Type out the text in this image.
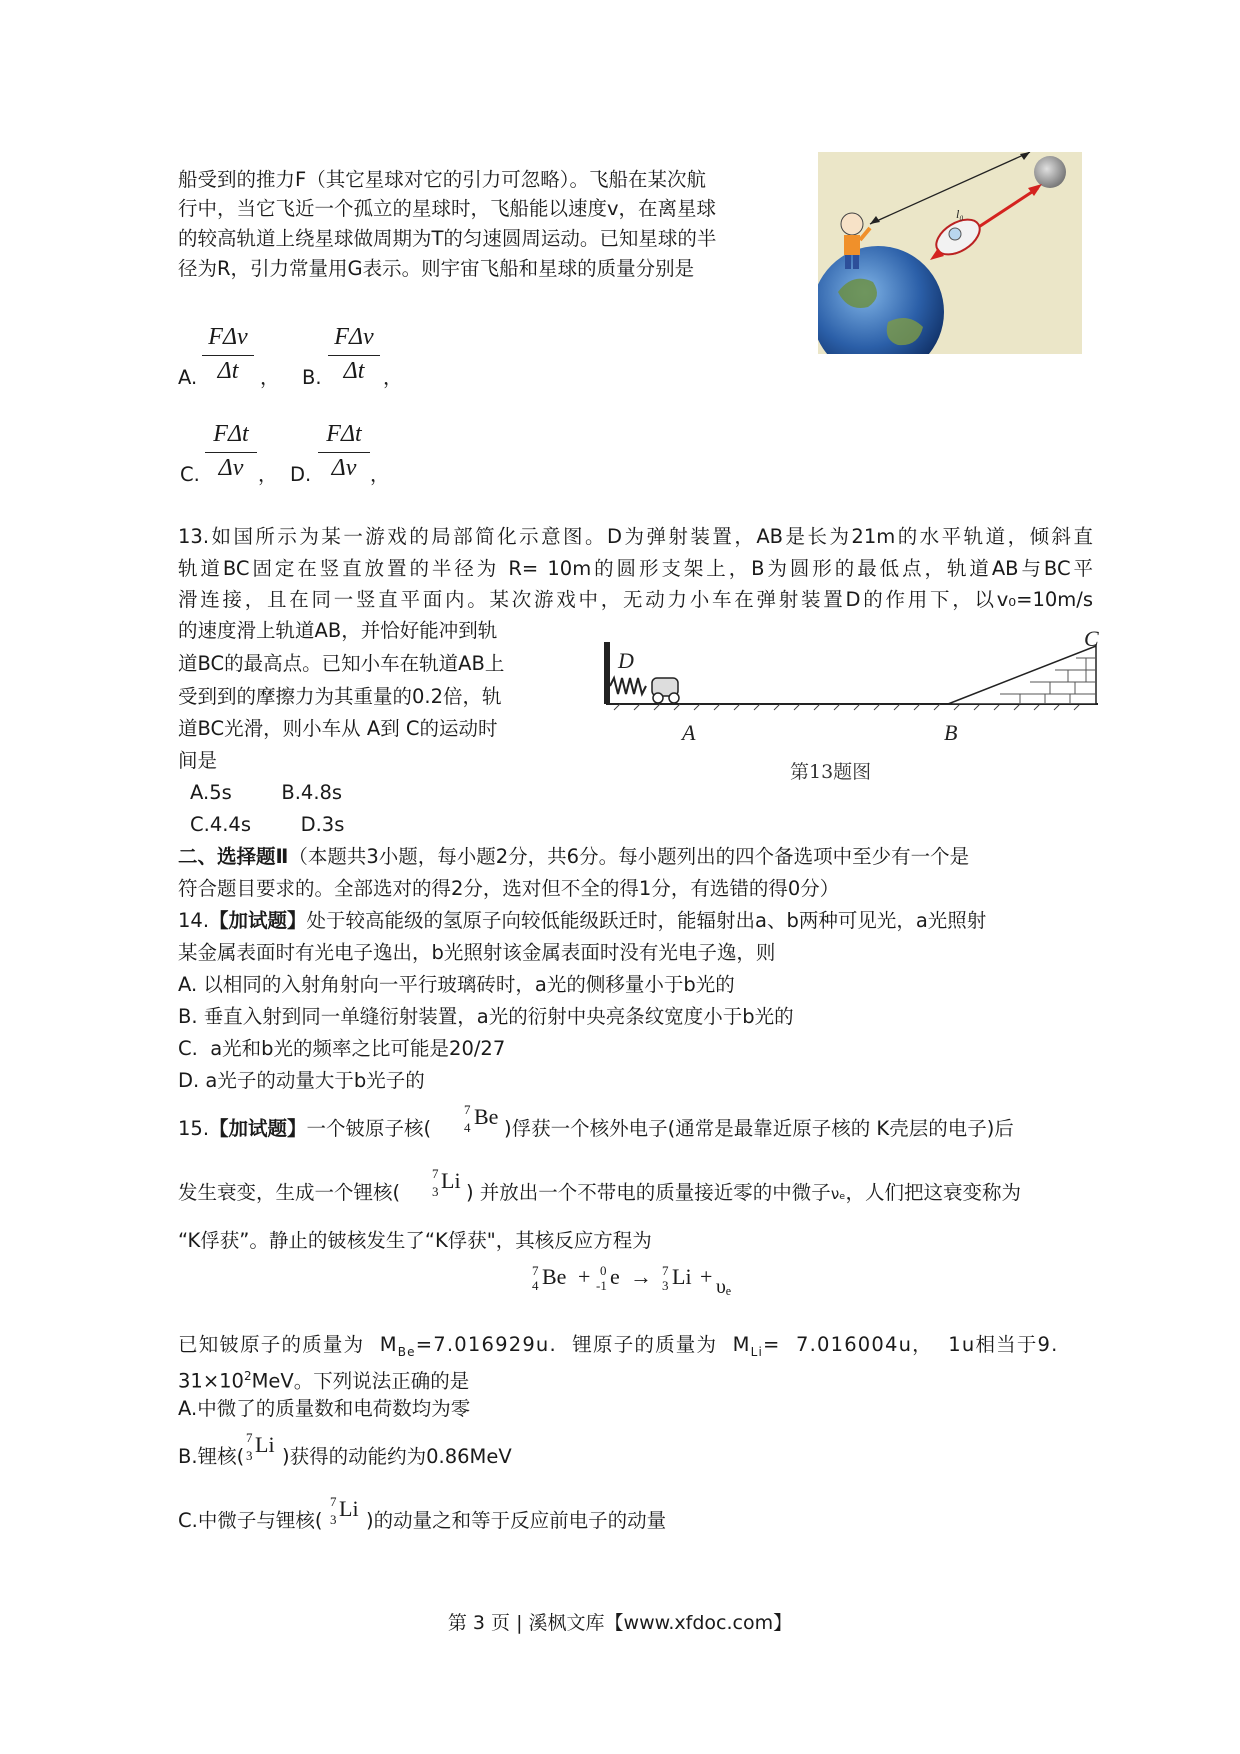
船受到的推力F（其它星球对它的引力可忽略）。飞船在某次航
行中，当它飞近一个孤立的星球时，飞船能以速度v，在离星球
的较高轨道上绕星球做周期为T的匀速圆周运动。已知星球的半
径为R，引力常量用G表示。则宇宙飞船和星球的质量分别是
l₀
A.
FΔv
Δt	， B.
FΔv
Δt ，
C.
FΔt
Δv ， D.
FΔt
Δv ，
13.如国所示为某一游戏的局部简化示意图。D为弹射装置，AB是长为21m的水平轨道，倾斜直
轨道BC固定在竖直放置的半径为 R= 10m的圆形支架上，B为圆形的最低点，轨道AB与BC平
滑连接，且在同一竖直平面内。某次游戏中，无动力小车在弹射装置D的作用下，以v₀=10m/s
的速度滑上轨道AB，并恰好能冲到轨
道BC的最高点。已知小车在轨道AB上
受到到的摩擦力为其重量的0.2倍，轨
道BC光滑，则小车从 A到 C的运动时
间是
D
A	B
C
第13题图
A.5s        B.4.8s
C.4.4s        D.3s
二、选择题Ⅱ（本题共3小题，每小题2分，共6分。每小题列出的四个备选项中至少有一个是
符合题目要求的。全部选对的得2分，选对但不全的得1分，有选错的得0分）
14.【加试题】处于较高能级的氢原子向较低能级跃迁时，能辐射出a、b两种可见光，a光照射
某金属表面时有光电子逸出，b光照射该金属表面时没有光电子逸，则
A. 以相同的入射角射向一平行玻璃砖时，a光的侧移量小于b光的
B. 垂直入射到同一单缝衍射装置，a光的衍射中央亮条纹宽度小于b光的
C.  a光和b光的频率之比可能是20/27
D. a光子的动量大于b光子的
15.【加试题】一个铍原子核(
7
4 Be )俘获一个核外电子(通常是最靠近原子核的 K壳层的电子)后
发生衰变，生成一个锂核(
7
3 Li ) 并放出一个不带电的质量接近零的中微子νₑ，人们把这衰变称为
“K俘获”。静止的铍核发生了“K俘获"，其核反应方程为
7
4 Be + 0
-1 e → 7
3 Li + υₑ
已知铍原子的质量为 $M_{Be}=7.016929u$. 锂原子的质量为 $M_{Li}= 7.016004u$， 1u相当于9.
$31\times 10^2MeV$。下列说法正确的是
A.中微了的质量数和电荷数均为零
B.锂核(
7
3 Li )获得的动能约为0.86MeV
C.中微子与锂核(
7
3 Li )的动量之和等于反应前电子的动量
第 3 页 | 溪枫文库【www.xfdoc.com】
